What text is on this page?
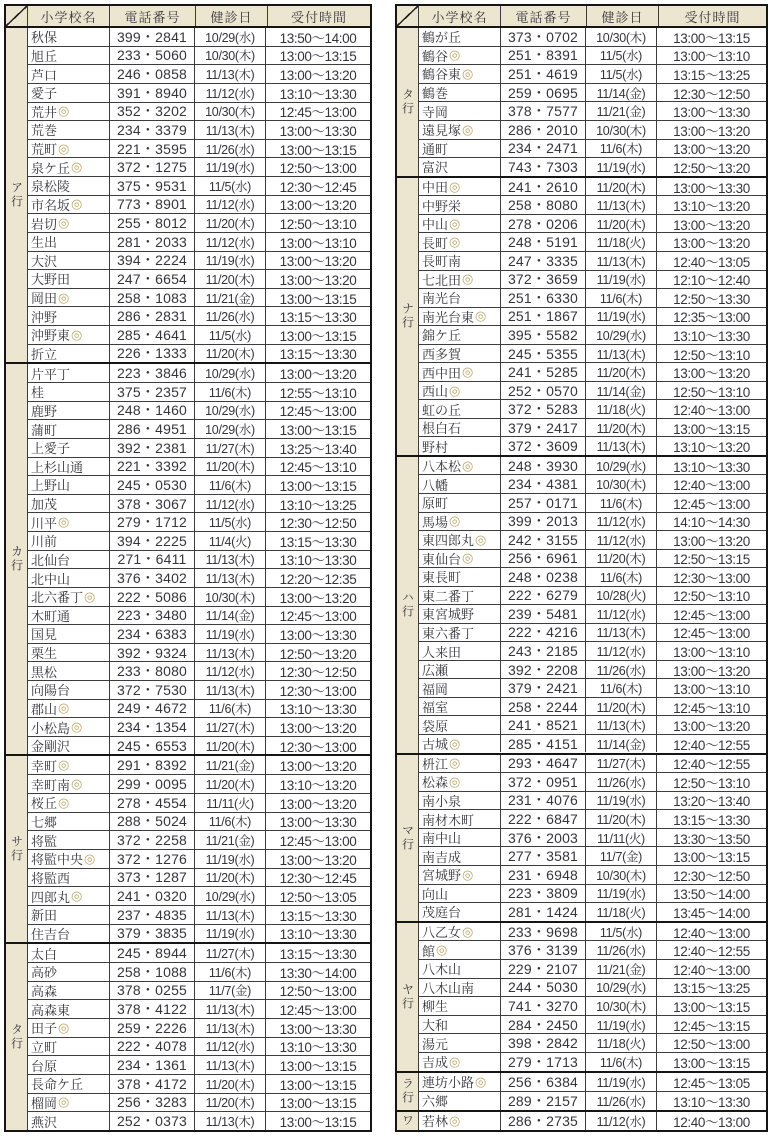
小学校名	電話番号	健診日	受付時間
ア行
秋保	399・2841	10/29(水)	13:50～14:00
旭丘	233・5060	10/30(木)	13:00～13:15
芦口	246・0858	11/13(木)	13:00～13:20
愛子	391・8940	11/12(水)	13:10～13:30
荒井 ◎	352・3202	10/30(木)	12:45～13:00
荒巻	234・3379	11/13(木)	13:00～13:30
荒町 ◎	221・3595	11/26(水)	13:00～13:15
泉ケ丘 ◎	372・1275	11/19(水)	12:50～13:00
泉松陵	375・9531	11/5(水)	12:30～12:45
市名坂 ◎	773・8901	11/12(水)	13:00～13:20
岩切 ◎	255・8012	11/20(木)	12:50～13:10
生出	281・2033	11/12(水)	13:00～13:10
大沢	394・2224	11/19(水)	13:00～13:20
大野田	247・6654	11/20(木)	13:00～13:20
岡田 ◎	258・1083	11/21(金)	13:00～13:15
沖野	286・2831	11/26(水)	13:15～13:30
沖野東 ◎	285・4641	11/5(水)	13:00～13:15
折立	226・1333	11/20(木)	13:15～13:30
カ行
片平丁	223・3846	10/29(水)	13:00～13:20
桂	375・2357	11/6(木)	12:55～13:10
鹿野	248・1460	10/29(水)	12:45～13:00
蒲町	286・4951	10/29(水)	13:00～13:15
上愛子	392・2381	11/27(木)	13:25～13:40
上杉山通	221・3392	11/20(木)	12:45～13:10
上野山	245・0530	11/6(木)	13:00～13:15
加茂	378・3067	11/12(水)	13:10～13:25
川平 ◎	279・1712	11/5(水)	12:30～12:50
川前	394・2225	11/4(火)	13:15～13:30
北仙台	271・6411	11/13(木)	13:10～13:30
北中山	376・3402	11/13(木)	12:20～12:35
北六番丁 ◎	222・5086	10/30(木)	13:00～13:20
木町通	223・3480	11/14(金)	12:45～13:00
国見	234・6383	11/19(水)	13:00～13:30
栗生	392・9324	11/13(木)	12:50～13:20
黒松	233・8080	11/12(水)	12:30～12:50
向陽台	372・7530	11/13(木)	12:30～13:00
郡山 ◎	249・4672	11/6(木)	13:10～13:30
小松島 ◎	234・1354	11/27(木)	13:00～13:20
金剛沢	245・6553	11/20(木)	12:30～13:00
サ行
幸町 ◎	291・8392	11/21(金)	13:00～13:20
幸町南 ◎	299・0095	11/20(木)	13:10～13:20
桜丘 ◎	278・4554	11/11(火)	13:00～13:20
七郷	288・5024	11/6(木)	13:00～13:30
将監	372・2258	11/21(金)	12:45～13:00
将監中央 ◎	372・1276	11/19(水)	13:00～13:20
将監西	373・1287	11/20(木)	12:30～12:45
四郎丸 ◎	241・0320	10/29(水)	12:50～13:05
新田	237・4835	11/13(木)	13:15～13:30
住吉台	379・3835	11/19(水)	13:10～13:30
タ行
太白	245・8944	11/27(木)	13:15～13:30
高砂	258・1088	11/6(木)	13:30～14:00
高森	378・0255	11/7(金)	12:50～13:00
高森東	378・4122	11/13(木)	12:45～13:00
田子 ◎	259・2226	11/13(木)	13:00～13:30
立町	222・4078	11/12(水)	13:10～13:30
台原	234・1361	11/13(木)	13:00～13:15
長命ケ丘	378・4172	11/20(木)	13:00～13:15
榴岡 ◎	256・3283	11/20(木)	13:00～13:15
燕沢	252・0373	11/13(木)	13:00～13:15
小学校名	電話番号	健診日	受付時間
タ行
鶴が丘	373・0702	10/30(木)	13:00～13:15
鶴谷 ◎	251・8391	11/5(水)	13:00～13:10
鶴谷東 ◎	251・4619	11/5(水)	13:15～13:25
鶴巻	259・0695	11/14(金)	12:30～12:50
寺岡	378・7577	11/21(金)	13:00～13:30
遠見塚 ◎	286・2010	10/30(木)	13:00～13:20
通町	234・2471	11/6(木)	13:00～13:20
富沢	743・7303	11/19(水)	12:50～13:20
ナ行
中田 ◎	241・2610	11/20(木)	13:00～13:30
中野栄	258・8080	11/13(木)	13:10～13:20
中山 ◎	278・0206	11/20(木)	13:00～13:20
長町 ◎	248・5191	11/18(火)	13:00～13:20
長町南	247・3335	11/13(木)	12:40～13:05
七北田 ◎	372・3659	11/19(水)	12:10～12:40
南光台	251・6330	11/6(木)	12:50～13:30
南光台東 ◎	251・1867	11/19(水)	12:35～13:00
錦ケ丘	395・5582	10/29(水)	13:10～13:30
西多賀	245・5355	11/13(木)	12:50～13:10
西中田 ◎	241・5285	11/20(木)	13:00～13:20
西山 ◎	252・0570	11/14(金)	12:50～13:10
虹の丘	372・5283	11/18(火)	12:40～13:00
根白石	379・2417	11/20(木)	13:00～13:15
野村	372・3609	11/13(木)	13:10～13:20
ハ行
八本松 ◎	248・3930	10/29(水)	13:10～13:30
八幡	234・4381	10/30(木)	12:40～13:00
原町	257・0171	11/6(木)	12:45～13:00
馬場 ◎	399・2013	11/12(水)	14:10～14:30
東四郎丸 ◎	242・3155	11/12(水)	13:00～13:20
東仙台 ◎	256・6961	11/20(木)	12:50～13:15
東長町	248・0238	11/6(木)	12:30～13:00
東二番丁	222・6279	10/28(火)	12:50～13:10
東宮城野	239・5481	11/12(水)	12:45～13:00
東六番丁	222・4216	11/13(木)	12:45～13:00
人来田	243・2185	11/12(水)	13:00～13:10
広瀬	392・2208	11/26(水)	13:00～13:20
福岡	379・2421	11/6(木)	13:00～13:10
福室	258・2244	11/20(木)	12:45～13:10
袋原	241・8521	11/13(木)	13:00～13:20
古城 ◎	285・4151	11/14(金)	12:40～12:55
マ行
枡江 ◎	293・4647	11/27(木)	12:40～12:55
松森 ◎	372・0951	11/26(水)	12:50～13:10
南小泉	231・4076	11/19(水)	13:20～13:40
南材木町	222・6847	11/20(木)	13:15～13:30
南中山	376・2003	11/11(火)	13:30～13:50
南吉成	277・3581	11/7(金)	13:00～13:15
宮城野 ◎	231・6948	10/30(木)	12:30～12:50
向山	223・3809	11/19(水)	13:50～14:00
茂庭台	281・1424	11/18(火)	13:45～14:00
ヤ行
八乙女 ◎	233・9698	11/5(水)	12:40～13:00
館 ◎	376・3139	11/26(水)	12:40～12:55
八木山	229・2107	11/21(金)	12:40～13:00
八木山南	244・5030	10/29(水)	13:15～13:25
柳生	741・3270	10/30(木)	13:00～13:15
大和	284・2450	11/19(水)	12:45～13:15
湯元	398・2842	11/18(火)	12:50～13:00
吉成 ◎	279・1713	11/6(木)	13:00～13:15
ラ行 連坊小路 ◎	256・6384	11/19(水)	12:45～13:05
六郷	289・2157	11/26(水)	13:10～13:30
ワ 若林 ◎	286・2735	11/12(水)	12:40～13:00
